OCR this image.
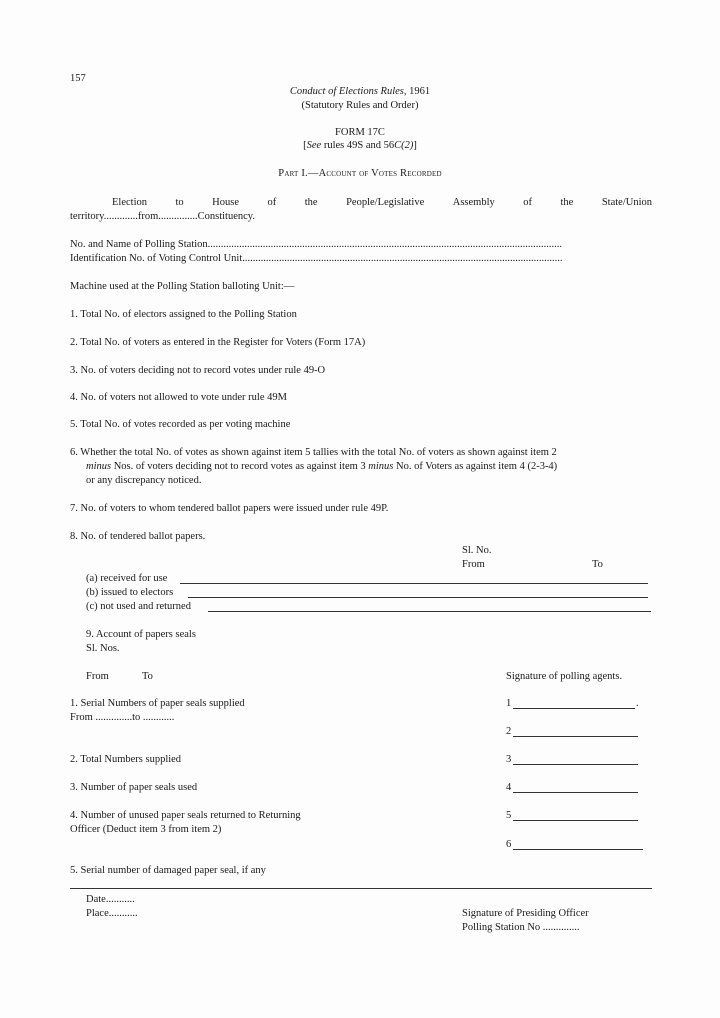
157
Conduct of Elections Rules, 1961
(Statutory Rules and Order)
FORM 17C
[See rules 49S and 56C(2)]
Part I.—Account of Votes Recorded
Election	to	House	of	the	People/Legislative	Assembly	of	the	State/Union
territory.............from...............Constituency.
No. and Name of Polling Station.......................................................................................................................................
Identification No. of Voting Control Unit..........................................................................................................................
Machine used at the Polling Station balloting Unit:—
1. Total No. of electors assigned to the Polling Station
2. Total No. of voters as entered in the Register for Voters (Form 17A)
3. No. of voters deciding not to record votes under rule 49-O
4. No. of voters not allowed to vote under rule 49M
5. Total No. of votes recorded as per voting machine
6. Whether the total No. of votes as shown against item 5 tallies with the total No. of voters as shown against item 2
minus Nos. of voters deciding not to record votes as against item 3 minus No. of Voters as against item 4 (2-3-4)
or any discrepancy noticed.
7. No. of voters to whom tendered ballot papers were issued under rule 49P.
8. No. of tendered ballot papers.
Sl. No.
From	To
(a) received for use
(b) issued to electors
(c) not used and returned
9. Account of papers seals
Sl. Nos.
From	To	Signature of polling agents.
1. Serial Numbers of paper seals supplied
From ..............to ............
1	.
2
2. Total Numbers supplied	3
3. Number of paper seals used	4
4. Number of unused paper seals returned to Returning
Officer (Deduct item 3 from item 2)
5
6
5. Serial number of damaged paper seal, if any
Date...........
Place...........	Signature of Presiding Officer
Polling Station No ..............
